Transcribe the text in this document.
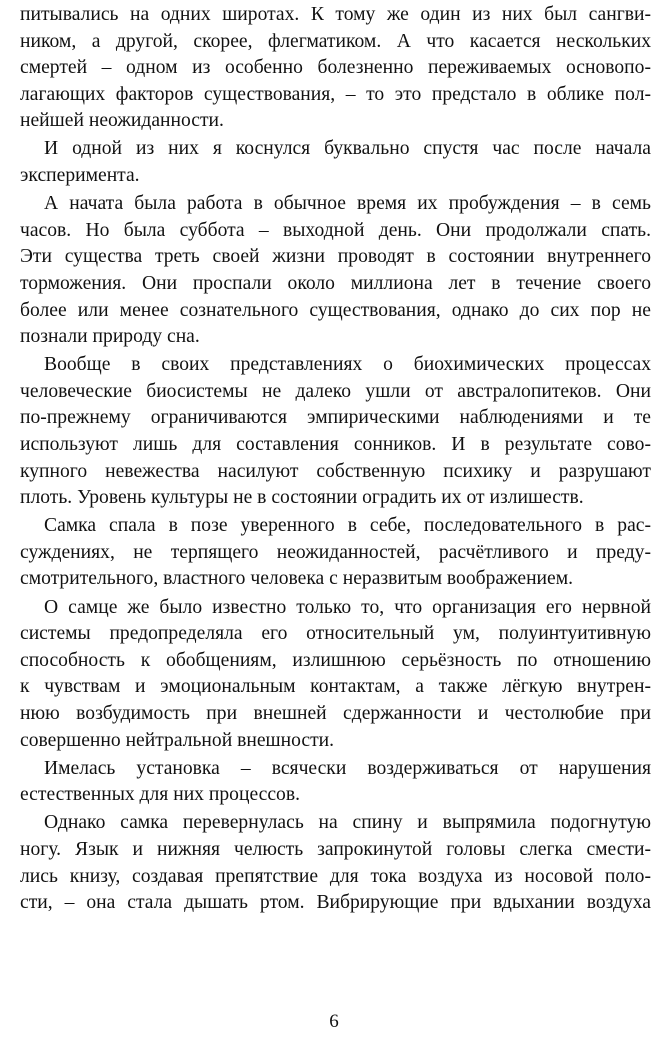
питывались на одних широтах. К тому же один из них был сангви-
ником, а другой, скорее, флегматиком. А что касается нескольких
смертей – одном из особенно болезненно переживаемых основопо-
лагающих факторов существования, – то это предстало в облике пол-
нейшей неожиданности.

И одной из них я коснулся буквально спустя час после начала
эксперимента.

А начата была работа в обычное время их пробуждения – в семь
часов. Но была суббота – выходной день. Они продолжали спать.
Эти существа треть своей жизни проводят в состоянии внутреннего
торможения. Они проспали около миллиона лет в течение своего
более или менее сознательного существования, однако до сих пор не
познали природу сна.

Вообще в своих представлениях о биохимических процессах
человеческие биосистемы не далеко ушли от австралопитеков. Они
по-прежнему ограничиваются эмпирическими наблюдениями и те
используют лишь для составления сонников. И в результате сово-
купного невежества насилуют собственную психику и разрушают
плоть. Уровень культуры не в состоянии оградить их от излишеств.

Самка спала в позе уверенного в себе, последовательного в рас-
суждениях, не терпящего неожиданностей, расчётливого и преду-
смотрительного, властного человека с неразвитым воображением.

О самце же было известно только то, что организация его нервной
системы предопределяла его относительный ум, полуинтуитивную
способность к обобщениям, излишнюю серьёзность по отношению
к чувствам и эмоциональным контактам, а также лёгкую внутрен-
нюю возбудимость при внешней сдержанности и честолюбие при
совершенно нейтральной внешности.

Имелась установка – всячески воздерживаться от нарушения
естественных для них процессов.

Однако самка перевернулась на спину и выпрямила подогнутую
ногу. Язык и нижняя челюсть запрокинутой головы слегка смести-
лись книзу, создавая препятствие для тока воздуха из носовой поло-
сти, – она стала дышать ртом. Вибрирующие при вдыхании воздуха

6
